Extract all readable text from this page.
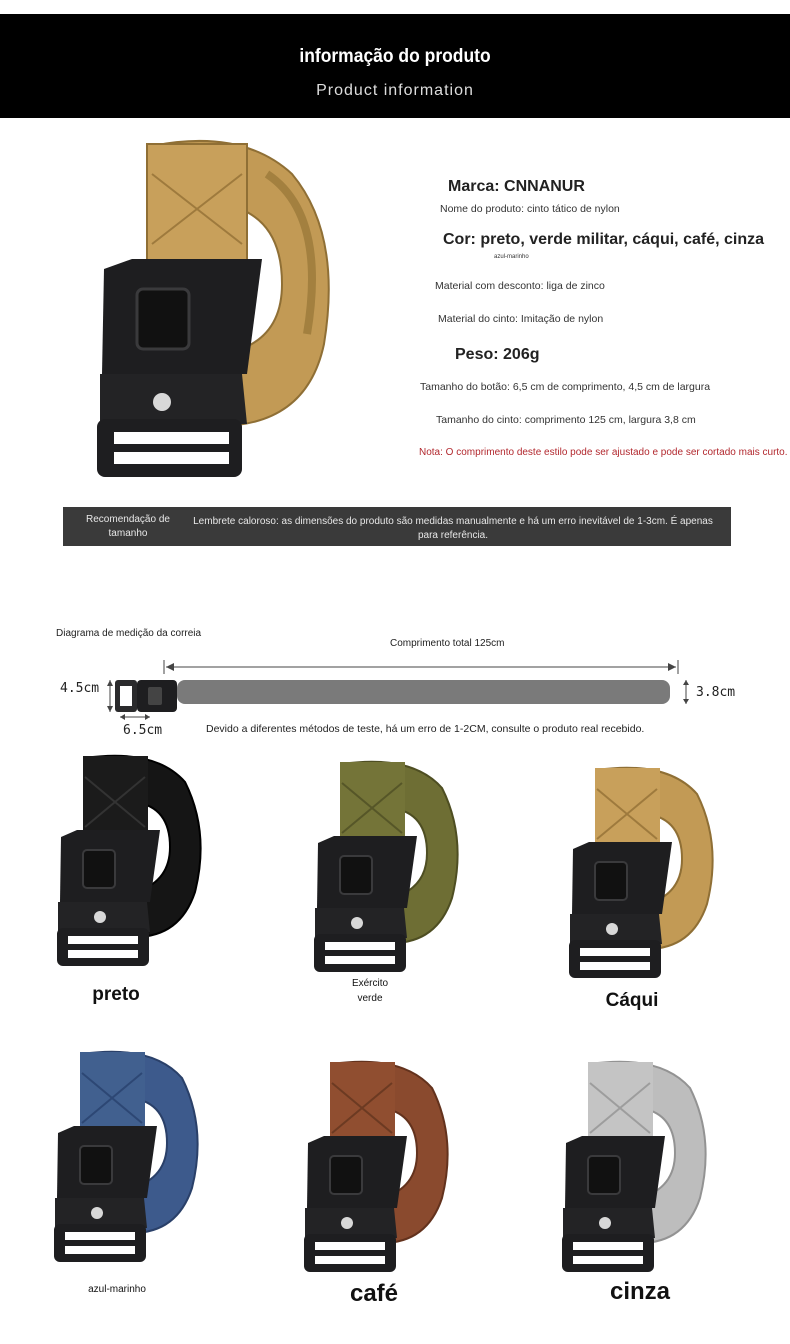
informação do produto
Product information
Marca: CNNANUR
Nome do produto: cinto tático de nylon
Cor: preto, verde militar, cáqui, café, cinza
azul-marinho
Material com desconto: liga de zinco
Material do cinto: Imitação de nylon
Peso: 206g
Tamanho do botão: 6,5 cm de comprimento, 4,5 cm de largura
Tamanho do cinto: comprimento 125 cm, largura 3,8 cm
Nota: O comprimento deste estilo pode ser ajustado e pode ser cortado mais curto.
Recomendação de tamanho
Lembrete caloroso: as dimensões do produto são medidas manualmente e há um erro inevitável de 1-3cm. É apenas para referência.
Diagrama de medição da correia
Comprimento total 125cm
4.5cm	3.8cm
6.5cm	Devido a diferentes métodos de teste, há um erro de 1-2CM, consulte o produto real recebido.
preto
Exército verde	Cáqui
azul-marinho	café	cinza
